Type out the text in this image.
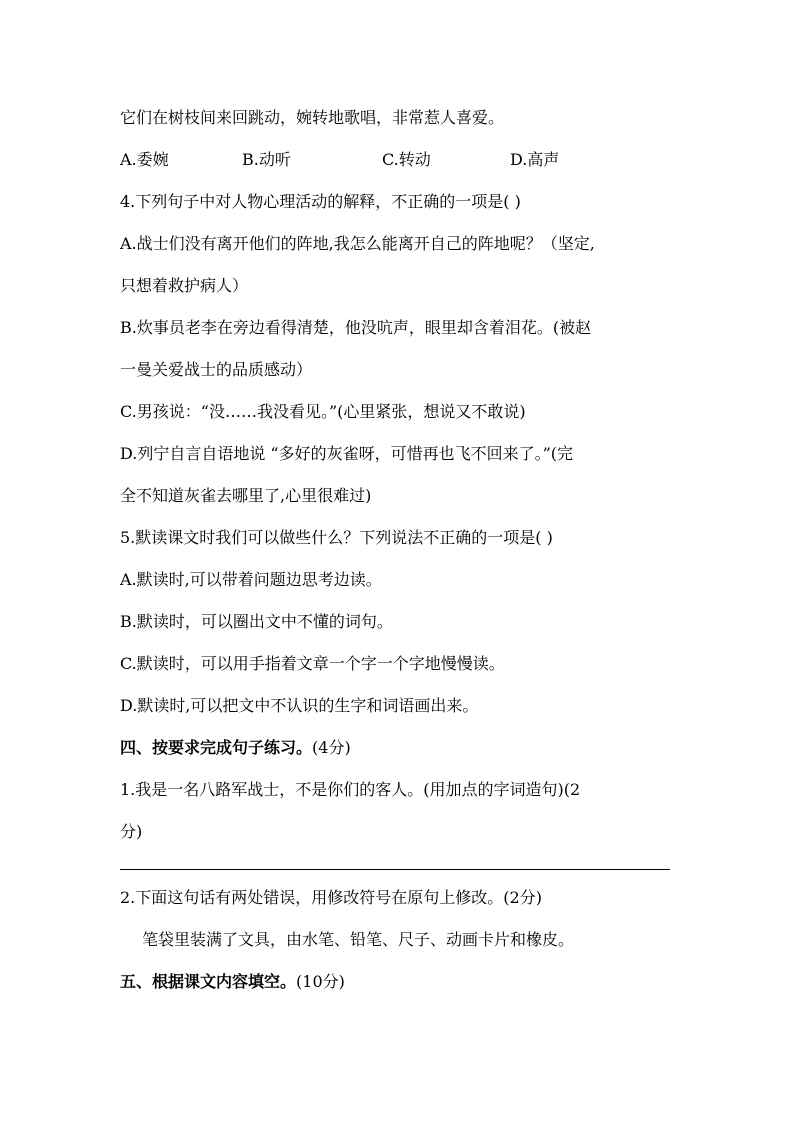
它们在树枝间来回跳动，婉转地歌唱，非常惹人喜爱。
A.委婉	B.动听	C.转动	D.高声
4.下列句子中对人物心理活动的解释，不正确的一项是( )
A.战士们没有离开他们的阵地,我怎么能离开自己的阵地呢？（坚定,
只想着救护病人）
B.炊事员老李在旁边看得清楚，他没吭声，眼里却含着泪花。(被赵
一曼关爱战士的品质感动）
C.男孩说：“没……我没看见。”(心里紧张，想说又不敢说)
D.列宁自言自语地说 “多好的灰雀呀，可惜再也飞不回来了。”(完
全不知道灰雀去哪里了,心里很难过)
5.默读课文时我们可以做些什么？下列说法不正确的一项是( )
A.默读时,可以带着问题边思考边读。
B.默读时，可以圈出文中不懂的词句。
C.默读时，可以用手指着文章一个字一个字地慢慢读。
D.默读时,可以把文中不认识的生字和词语画出来。
四、按要求完成句子练习。(4分)
1.我是一名八路军战士，不是你们的客人。(用加点的字词造句)(2
分)
2.下面这句话有两处错误，用修改符号在原句上修改。(2分)
笔袋里装满了文具，由水笔、铅笔、尺子、动画卡片和橡皮。
五、根据课文内容填空。(10分)
